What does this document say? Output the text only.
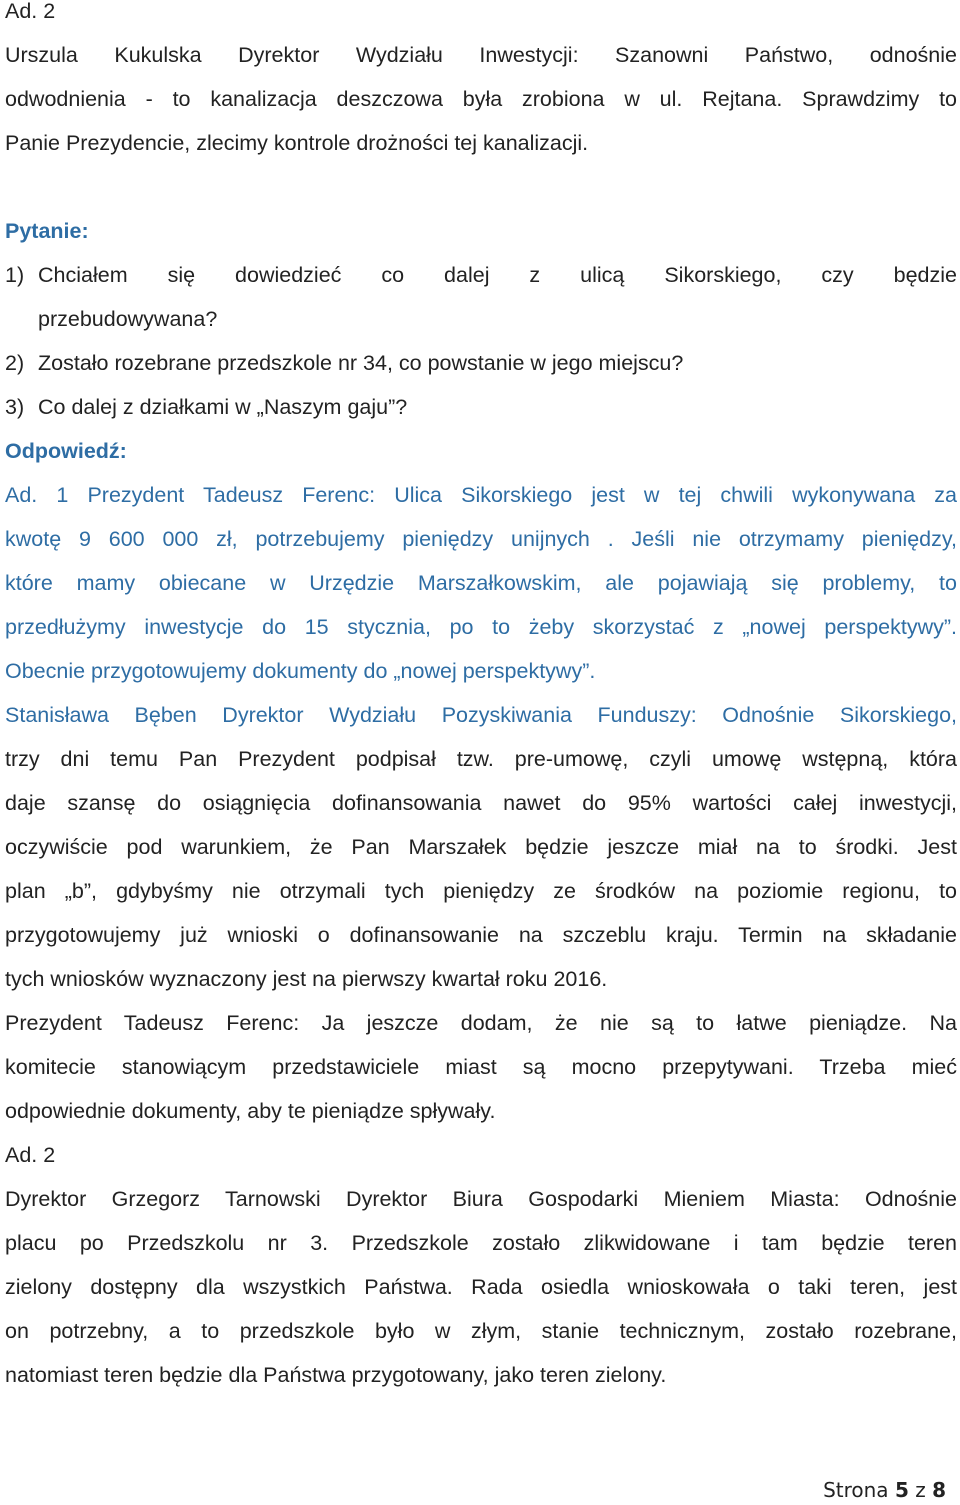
Ad. 2
Urszula Kukulska Dyrektor Wydziału Inwestycji: Szanowni Państwo, odnośnie
odwodnienia - to kanalizacja deszczowa była zrobiona w ul. Rejtana. Sprawdzimy to
Panie Prezydencie, zlecimy kontrole drożności tej kanalizacji.
Pytanie:
1) Chciałem się dowiedzieć co dalej z ulicą Sikorskiego, czy będzie
przebudowywana?
2) Zostało rozebrane przedszkole nr 34, co powstanie w jego miejscu?
3) Co dalej z działkami w „Naszym gaju”?
Odpowiedź:
Ad. 1 Prezydent Tadeusz Ferenc: Ulica Sikorskiego jest w tej chwili wykonywana za
kwotę 9 600 000 zł, potrzebujemy pieniędzy unijnych . Jeśli nie otrzymamy pieniędzy,
które mamy obiecane w Urzędzie Marszałkowskim, ale pojawiają się problemy, to
przedłużymy inwestycje do 15 stycznia, po to żeby skorzystać z „nowej perspektywy”.
Obecnie przygotowujemy dokumenty do „nowej perspektywy”.
Stanisława Bęben Dyrektor Wydziału Pozyskiwania Funduszy: Odnośnie Sikorskiego,
trzy dni temu Pan Prezydent podpisał tzw. pre-umowę, czyli umowę wstępną, która
daje szansę do osiągnięcia dofinansowania nawet do 95% wartości całej inwestycji,
oczywiście pod warunkiem, że Pan Marszałek będzie jeszcze miał na to środki. Jest
plan „b”, gdybyśmy nie otrzymali tych pieniędzy ze środków na poziomie regionu, to
przygotowujemy już wnioski o dofinansowanie na szczeblu kraju. Termin na składanie
tych wniosków wyznaczony jest na pierwszy kwartał roku 2016.
Prezydent Tadeusz Ferenc: Ja jeszcze dodam, że nie są to łatwe pieniądze. Na
komitecie stanowiącym przedstawiciele miast są mocno przepytywani. Trzeba mieć
odpowiednie dokumenty, aby te pieniądze spływały.
Ad. 2
Dyrektor Grzegorz Tarnowski Dyrektor Biura Gospodarki Mieniem Miasta: Odnośnie
placu po Przedszkolu nr 3. Przedszkole zostało zlikwidowane i tam będzie teren
zielony dostępny dla wszystkich Państwa. Rada osiedla wnioskowała o taki teren, jest
on potrzebny, a to przedszkole było w złym, stanie technicznym, zostało rozebrane,
natomiast teren będzie dla Państwa przygotowany, jako teren zielony.
Strona 5 z 8
